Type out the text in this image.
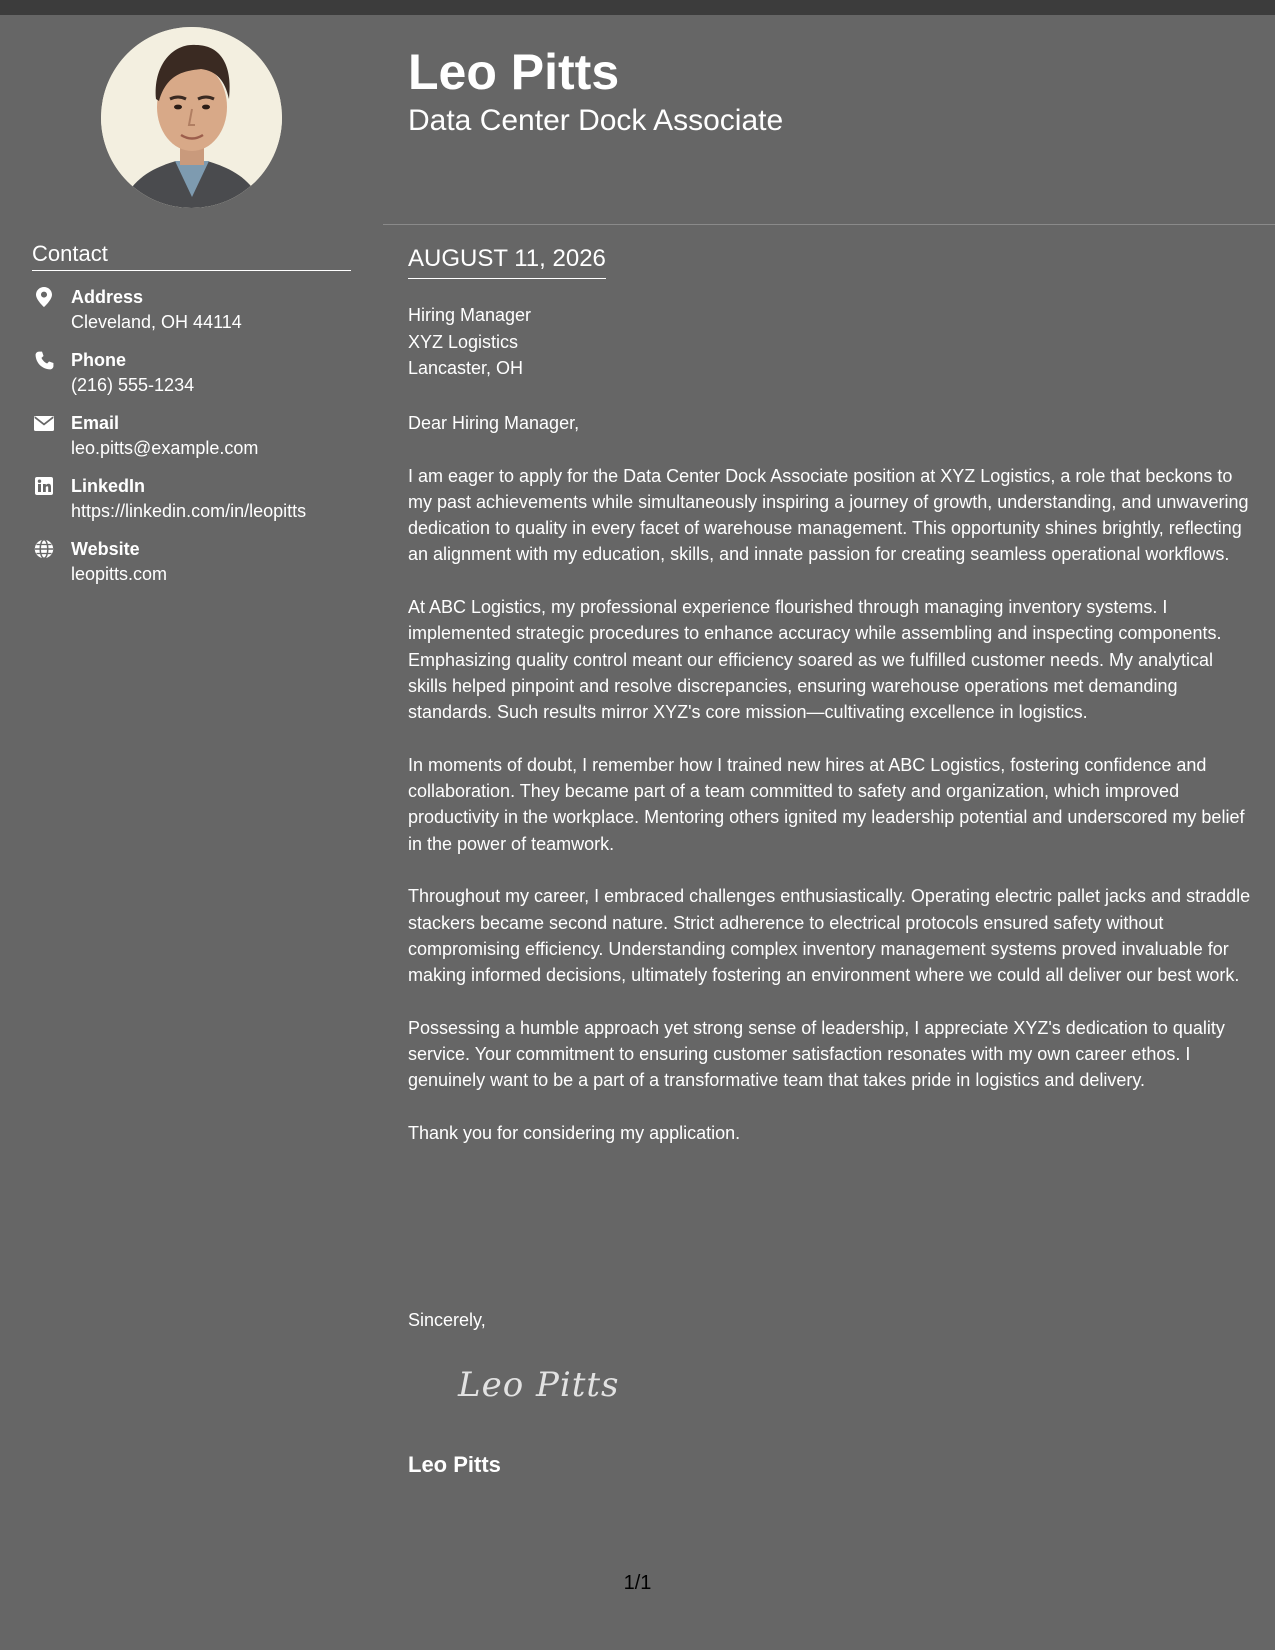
Contact
Address
Cleveland, OH 44114
Phone
(216) 555-1234
Email
leo.pitts@example.com
LinkedIn
https://linkedin.com/in/leopitts
Website
leopitts.com
Leo Pitts
Data Center Dock Associate
AUGUST 11, 2026
Hiring Manager
XYZ Logistics
Lancaster, OH

Dear Hiring Manager,

I am eager to apply for the Data Center Dock Associate position at XYZ Logistics, a role that beckons to my past achievements while simultaneously inspiring a journey of growth, understanding, and unwavering dedication to quality in every facet of warehouse management. This opportunity shines brightly, reflecting an alignment with my education, skills, and innate passion for creating seamless operational workflows.

At ABC Logistics, my professional experience flourished through managing inventory systems. I implemented strategic procedures to enhance accuracy while assembling and inspecting components. Emphasizing quality control meant our efficiency soared as we fulfilled customer needs. My analytical skills helped pinpoint and resolve discrepancies, ensuring warehouse operations met demanding standards. Such results mirror XYZ's core mission—cultivating excellence in logistics.

In moments of doubt, I remember how I trained new hires at ABC Logistics, fostering confidence and collaboration. They became part of a team committed to safety and organization, which improved productivity in the workplace. Mentoring others ignited my leadership potential and underscored my belief in the power of teamwork.

Throughout my career, I embraced challenges enthusiastically. Operating electric pallet jacks and straddle stackers became second nature. Strict adherence to electrical protocols ensured safety without compromising efficiency. Understanding complex inventory management systems proved invaluable for making informed decisions, ultimately fostering an environment where we could all deliver our best work.

Possessing a humble approach yet strong sense of leadership, I appreciate XYZ's dedication to quality service. Your commitment to ensuring customer satisfaction resonates with my own career ethos. I genuinely want to be a part of a transformative team that takes pride in logistics and delivery.

Thank you for considering my application.

Sincerely,
Leo Pitts
Leo Pitts
1/1
